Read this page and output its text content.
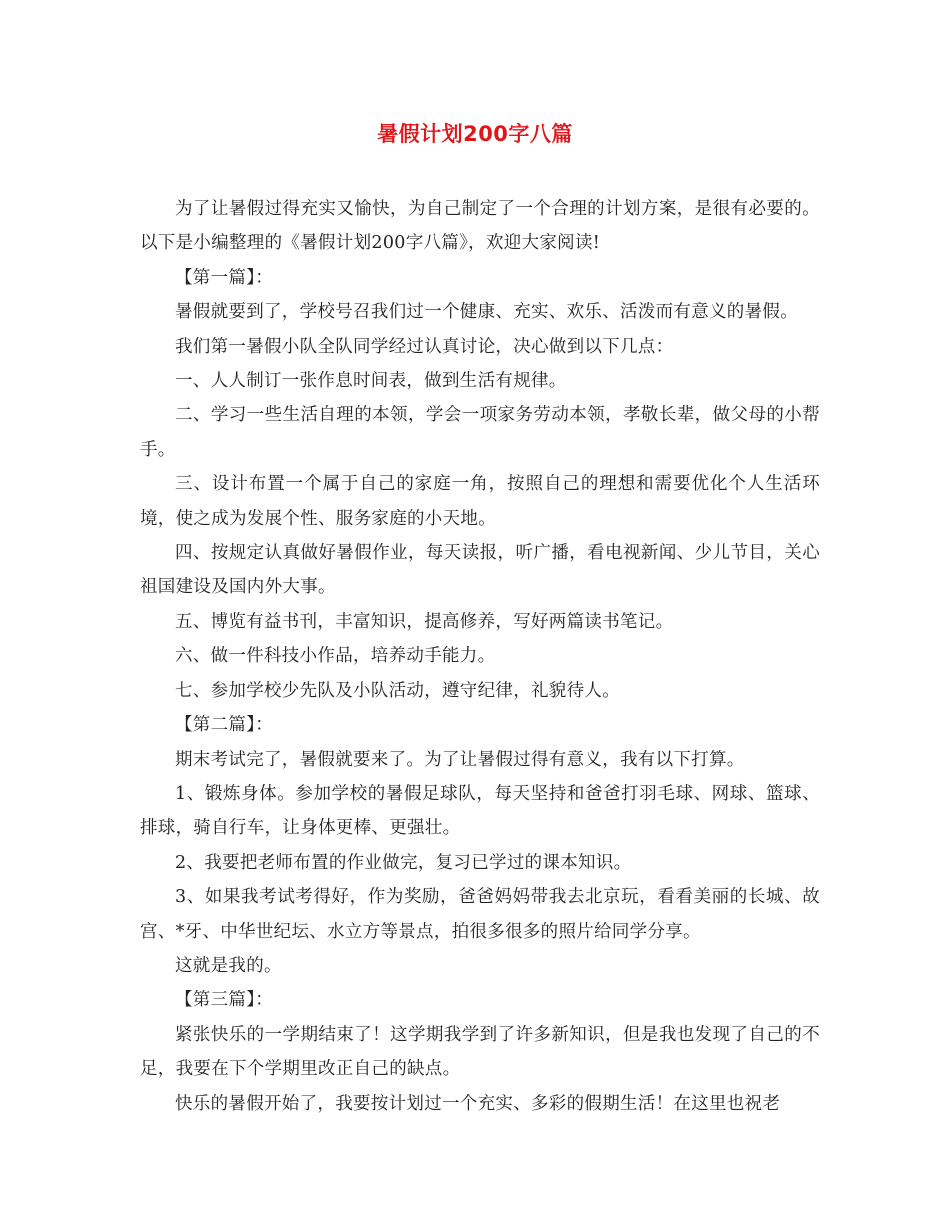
暑假计划200字八篇

为了让暑假过得充实又愉快，为自己制定了一个合理的计划方案，是很有必要的。以下是小编整理的《暑假计划200字八篇》，欢迎大家阅读!

【第一篇】：

暑假就要到了，学校号召我们过一个健康、充实、欢乐、活泼而有意义的暑假。

我们第一暑假小队全队同学经过认真讨论，决心做到以下几点：

一、人人制订一张作息时间表，做到生活有规律。

二、学习一些生活自理的本领，学会一项家务劳动本领，孝敬长辈，做父母的小帮手。

三、设计布置一个属于自己的家庭一角，按照自己的理想和需要优化个人生活环境，使之成为发展个性、服务家庭的小天地。

四、按规定认真做好暑假作业，每天读报，听广播，看电视新闻、少儿节目，关心祖国建设及国内外大事。

五、博览有益书刊，丰富知识，提高修养，写好两篇读书笔记。

六、做一件科技小作品，培养动手能力。

七、参加学校少先队及小队活动，遵守纪律，礼貌待人。

【第二篇】：

期末考试完了，暑假就要来了。为了让暑假过得有意义，我有以下打算。

1、锻炼身体。参加学校的暑假足球队，每天坚持和爸爸打羽毛球、网球、篮球、排球，骑自行车，让身体更棒、更强壮。

2、我要把老师布置的作业做完，复习已学过的课本知识。

3、如果我考试考得好，作为奖励，爸爸妈妈带我去北京玩，看看美丽的长城、故宫、*牙、中华世纪坛、水立方等景点，拍很多很多的照片给同学分享。

这就是我的。

【第三篇】：

紧张快乐的一学期结束了！这学期我学到了许多新知识，但是我也发现了自己的不足，我要在下个学期里改正自己的缺点。

快乐的暑假开始了，我要按计划过一个充实、多彩的假期生活！在这里也祝老
